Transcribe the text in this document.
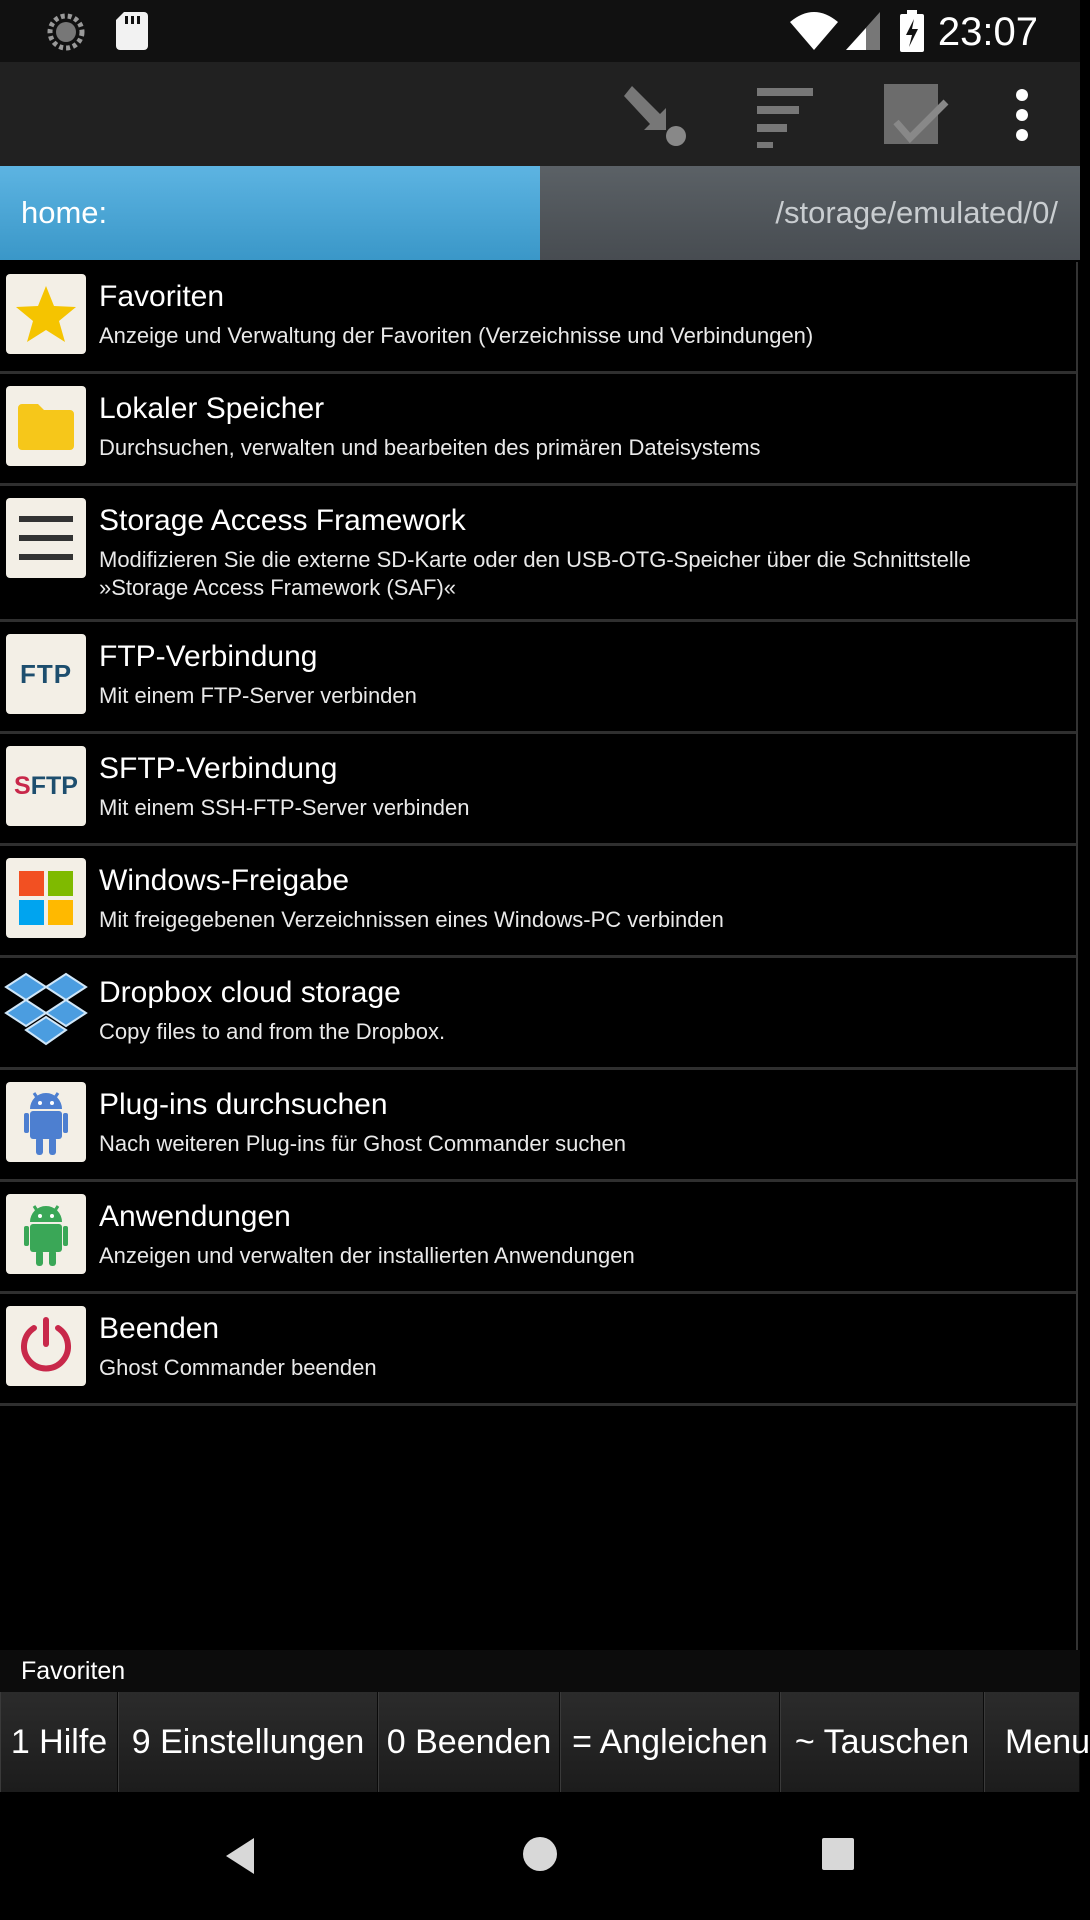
23:07
home:	/storage/emulated/0/
Favoriten
Anzeige und Verwaltung der Favoriten (Verzeichnisse und Verbindungen)
Lokaler Speicher
Durchsuchen, verwalten und bearbeiten des primären Dateisystems
Storage Access Framework
Modifizieren Sie die externe SD-Karte oder den USB-OTG-Speicher über die Schnittstelle »Storage Access Framework (SAF)«
FTP
FTP-Verbindung
Mit einem FTP-Server verbinden
SFTP
SFTP-Verbindung
Mit einem SSH-FTP-Server verbinden
Windows-Freigabe
Mit freigegebenen Verzeichnissen eines Windows-PC verbinden
Dropbox cloud storage
Copy files to and from the Dropbox.
Plug-ins durchsuchen
Nach weiteren Plug-ins für Ghost Commander suchen
Anwendungen
Anzeigen und verwalten der installierten Anwendungen
Beenden
Ghost Commander beenden
Favoriten
1 Hilfe 9 Einstellungen 0 Beenden = Angleichen ~ Tauschen	Menu
